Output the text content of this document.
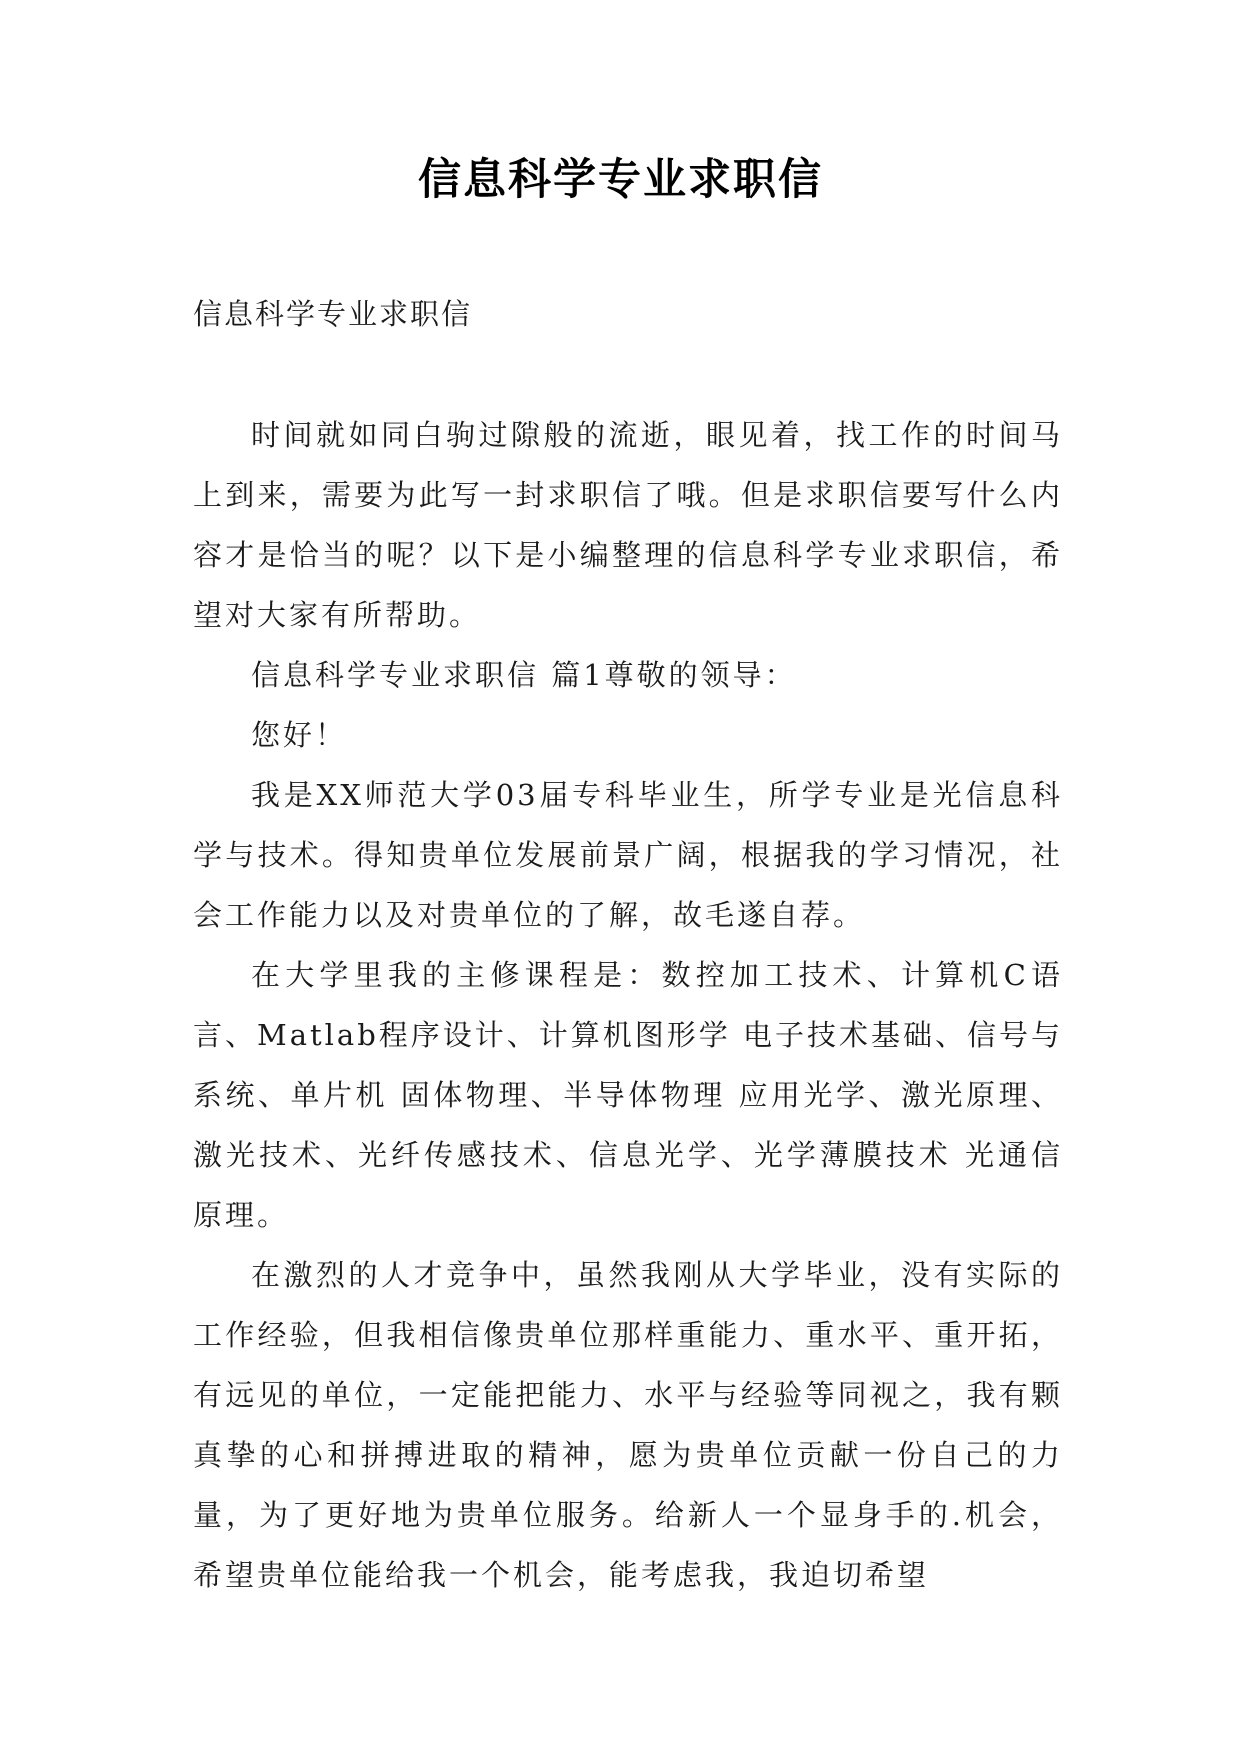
信息科学专业求职信

信息科学专业求职信

时间就如同白驹过隙般的流逝，眼见着，找工作的时间马上到来，需要为此写一封求职信了哦。但是求职信要写什么内容才是恰当的呢？以下是小编整理的信息科学专业求职信，希望对大家有所帮助。

信息科学专业求职信 篇1尊敬的领导：

您好！

我是XX师范大学03届专科毕业生，所学专业是光信息科学与技术。得知贵单位发展前景广阔，根据我的学习情况，社会工作能力以及对贵单位的了解，故毛遂自荐。

在大学里我的主修课程是：数控加工技术、计算机C语言、Matlab程序设计、计算机图形学 电子技术基础、信号与系统、单片机 固体物理、半导体物理 应用光学、激光原理、激光技术、光纤传感技术、信息光学、光学薄膜技术 光通信原理。

在激烈的人才竞争中，虽然我刚从大学毕业，没有实际的工作经验，但我相信像贵单位那样重能力、重水平、重开拓，有远见的单位，一定能把能力、水平与经验等同视之，我有颗真挚的心和拼搏进取的精神，愿为贵单位贡献一份自己的力量，为了更好地为贵单位服务。给新人一个显身手的.机会，希望贵单位能给我一个机会，能考虑我，我迫切希望
